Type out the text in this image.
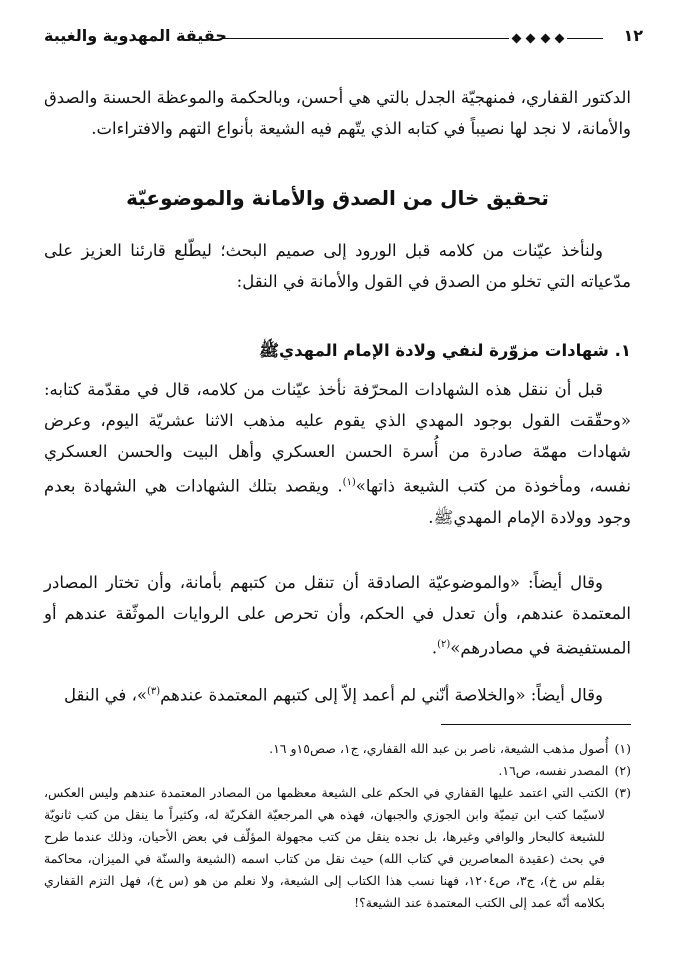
١٢
حقيقة المهدوية والغيبة
الدكتور القفاري، فمنهجيّة الجدل بالتي هي أحسن، وبالحكمة والموعظة الحسنة والصدق والأمانة، لا نجد لها نصيباً في كتابه الذي يتّهم فيه الشيعة بأنواع التهم والافتراءات.
تحقيق خال من الصدق والأمانة والموضوعيّة
ولنأخذ عيّنات من كلامه قبل الورود إلى صميم البحث؛ ليطّلع قارئنا العزيز على مدّعياته التي تخلو من الصدق في القول والأمانة في النقل:
١. شهادات مزوّرة لنفي ولادة الإمام المهديﷺ
قبل أن ننقل هذه الشهادات المحرّفة نأخذ عيّنات من كلامه، قال في مقدّمة كتابه: «وحقّقت القول بوجود المهدي الذي يقوم عليه مذهب الاثنا عشريّة اليوم، وعرض شهادات مهمّة صادرة من أُسرة الحسن العسكري وأهل البيت والحسن العسكري نفسه، ومأخوذة من كتب الشيعة ذاتها»$^{(١)}$. ويقصد بتلك الشهادات هي الشهادة بعدم وجود وولادة الإمام المهديﷺ.
وقال أيضاً: «والموضوعيّة الصادقة أن تنقل من كتبهم بأمانة، وأن تختار المصادر المعتمدة عندهم، وأن تعدل في الحكم، وأن تحرص على الروايات الموثّقة عندهم أو المستفيضة في مصادرهم»$^{(٢)}$.
وقال أيضاً: «والخلاصة أنّني لم أعمد إلاّ إلى كتبهم المعتمدة عندهم$^{(٣)}$»، في النقل
(١)أُصول مذهب الشيعة، ناصر بن عبد الله القفاري، ج١، صص١٥و ١٦.
(٢)المصدر نفسه، ص١٦.
(٣)الكتب التي اعتمد عليها القفاري في الحكم على الشيعة معظمها من المصادر المعتمدة عندهم وليس العكس، لاسيّما كتب ابن تيميّة وابن الجوزي والجبهان، فهذه هي المرجعيّة الفكريّة له، وكثيراً ما ينقل من كتب ثانويّة للشيعة كالبحار والوافي وغيرها، بل نجده ينقل من كتب مجهولة المؤلّف في بعض الأحيان، وذلك عندما طرح في بحث (عقيدة المعاصرين في كتاب الله) حيث نقل من كتاب اسمه (الشيعة والسنّة في الميزان، محاكمة بقلم س خ)، ج٣، ص١٢٠٤، فهنا نسب هذا الكتاب إلى الشيعة، ولا نعلم من هو (س خ)، فهل التزم القفاري بكلامه أنّه عمد إلى الكتب المعتمدة عند الشيعة؟!
